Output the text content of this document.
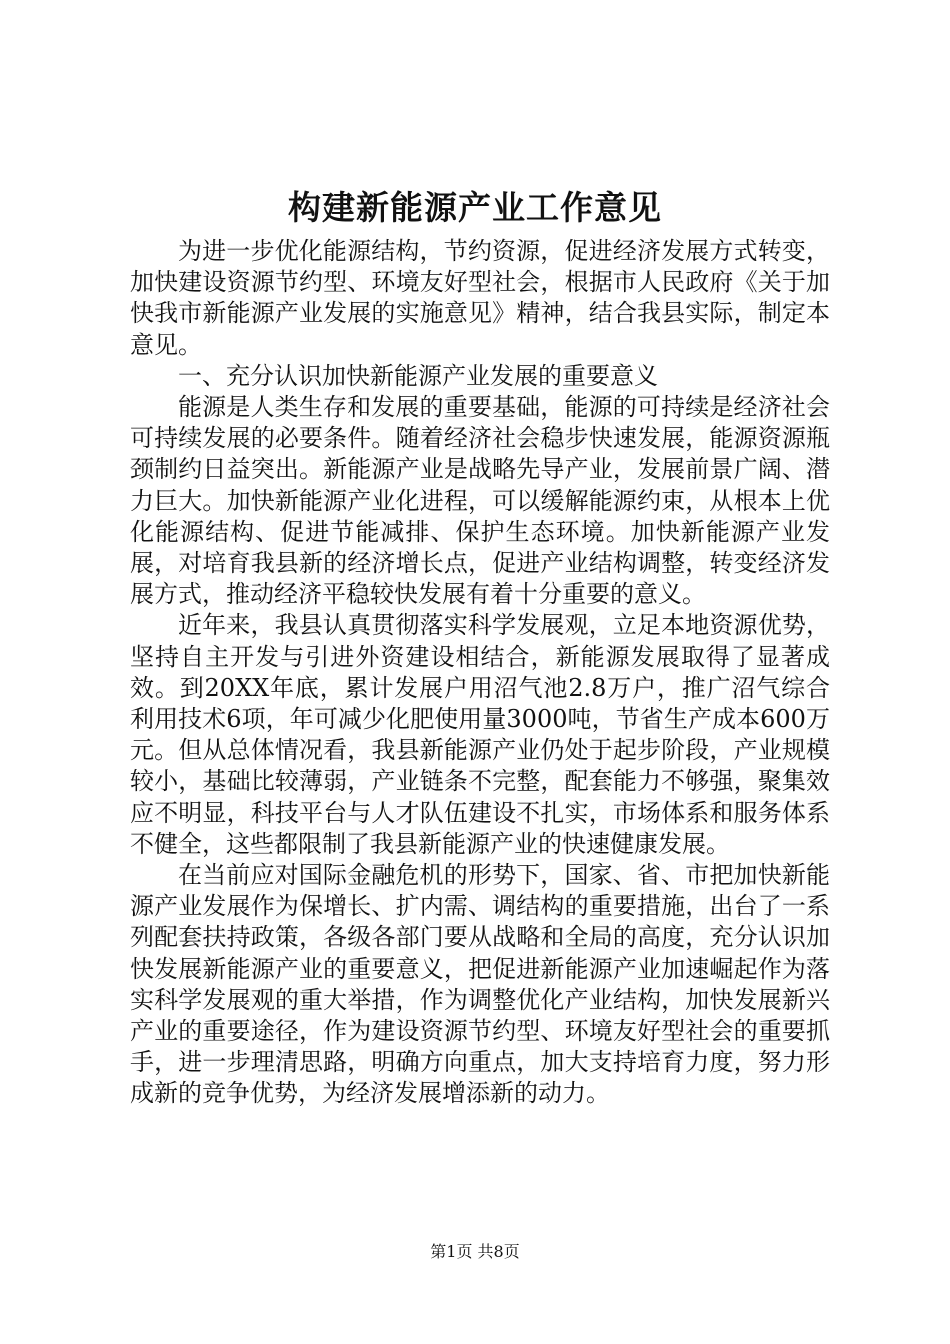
构建新能源产业工作意见

为进一步优化能源结构，节约资源，促进经济发展方式转变，加快建设资源节约型、环境友好型社会，根据市人民政府《关于加快我市新能源产业发展的实施意见》精神，结合我县实际，制定本意见。

一、充分认识加快新能源产业发展的重要意义

能源是人类生存和发展的重要基础，能源的可持续是经济社会可持续发展的必要条件。随着经济社会稳步快速发展，能源资源瓶颈制约日益突出。新能源产业是战略先导产业，发展前景广阔、潜力巨大。加快新能源产业化进程，可以缓解能源约束，从根本上优化能源结构、促进节能减排、保护生态环境。加快新能源产业发展，对培育我县新的经济增长点，促进产业结构调整，转变经济发展方式，推动经济平稳较快发展有着十分重要的意义。

近年来，我县认真贯彻落实科学发展观，立足本地资源优势，坚持自主开发与引进外资建设相结合，新能源发展取得了显著成效。到20XX年底，累计发展户用沼气池2.8万户，推广沼气综合利用技术6项，年可减少化肥使用量3000吨，节省生产成本600万元。但从总体情况看，我县新能源产业仍处于起步阶段，产业规模较小，基础比较薄弱，产业链条不完整，配套能力不够强，聚集效应不明显，科技平台与人才队伍建设不扎实，市场体系和服务体系不健全，这些都限制了我县新能源产业的快速健康发展。

在当前应对国际金融危机的形势下，国家、省、市把加快新能源产业发展作为保增长、扩内需、调结构的重要措施，出台了一系列配套扶持政策，各级各部门要从战略和全局的高度，充分认识加快发展新能源产业的重要意义，把促进新能源产业加速崛起作为落实科学发展观的重大举措，作为调整优化产业结构，加快发展新兴产业的重要途径，作为建设资源节约型、环境友好型社会的重要抓手，进一步理清思路，明确方向重点，加大支持培育力度，努力形成新的竞争优势，为经济发展增添新的动力。

第1页 共8页
